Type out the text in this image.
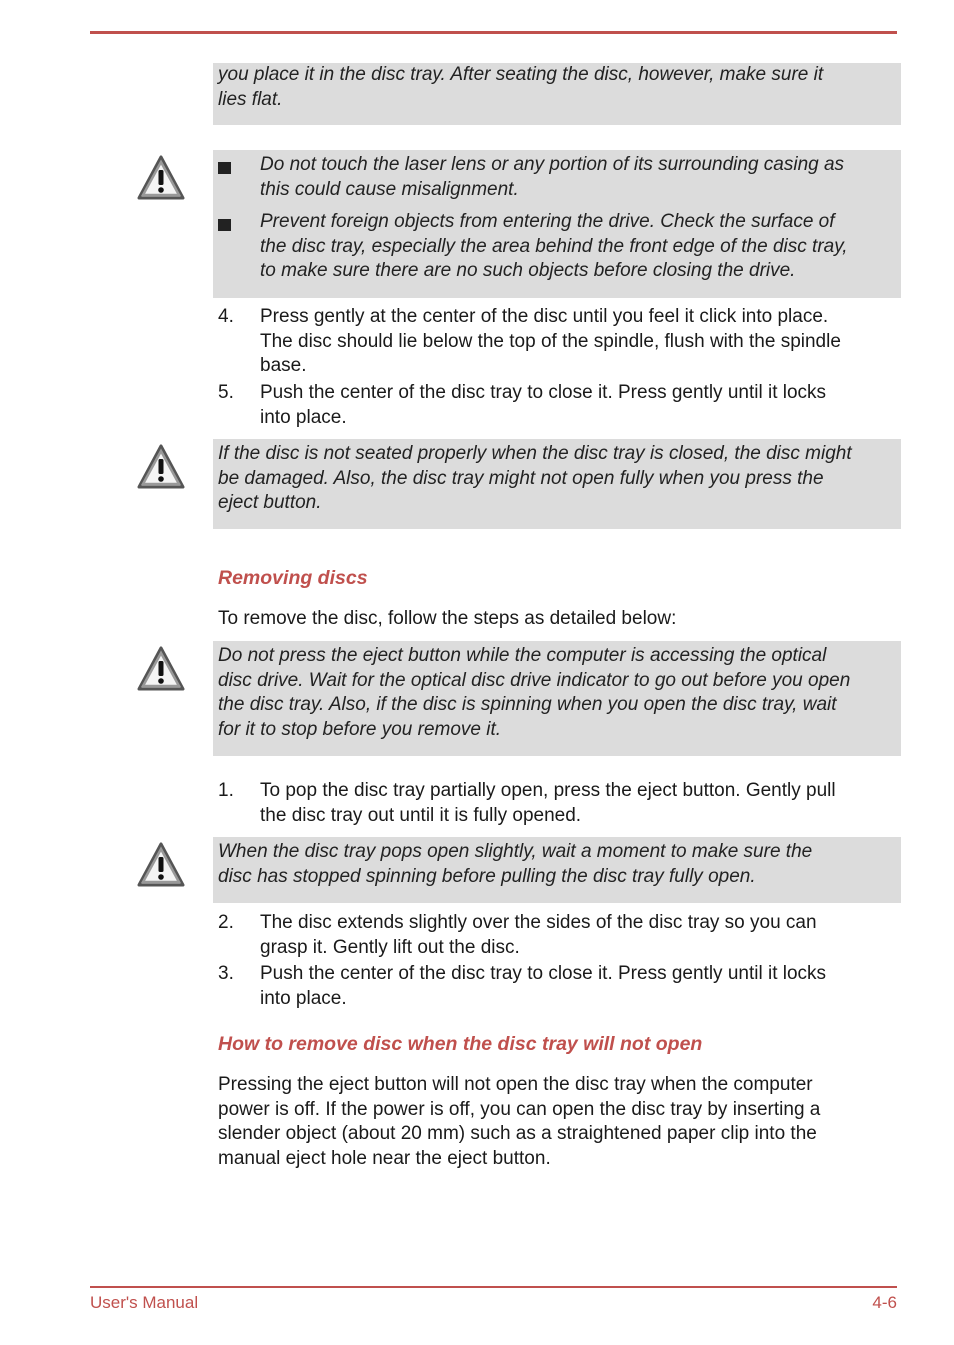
you place it in the disc tray. After seating the disc, however, make sure it
lies flat.
Do not touch the laser lens or any portion of its surrounding casing as
this could cause misalignment.
Prevent foreign objects from entering the drive. Check the surface of
the disc tray, especially the area behind the front edge of the disc tray,
to make sure there are no such objects before closing the drive.
4. Press gently at the center of the disc until you feel it click into place.
The disc should lie below the top of the spindle, flush with the spindle
base.
5. Push the center of the disc tray to close it. Press gently until it locks
into place.
If the disc is not seated properly when the disc tray is closed, the disc might
be damaged. Also, the disc tray might not open fully when you press the
eject button.
Removing discs
To remove the disc, follow the steps as detailed below:
Do not press the eject button while the computer is accessing the optical
disc drive. Wait for the optical disc drive indicator to go out before you open
the disc tray. Also, if the disc is spinning when you open the disc tray, wait
for it to stop before you remove it.
1. To pop the disc tray partially open, press the eject button. Gently pull
the disc tray out until it is fully opened.
When the disc tray pops open slightly, wait a moment to make sure the
disc has stopped spinning before pulling the disc tray fully open.
2. The disc extends slightly over the sides of the disc tray so you can
grasp it. Gently lift out the disc.
3. Push the center of the disc tray to close it. Press gently until it locks
into place.
How to remove disc when the disc tray will not open
Pressing the eject button will not open the disc tray when the computer
power is off. If the power is off, you can open the disc tray by inserting a
slender object (about 20 mm) such as a straightened paper clip into the
manual eject hole near the eject button.
User's Manual	4-6
